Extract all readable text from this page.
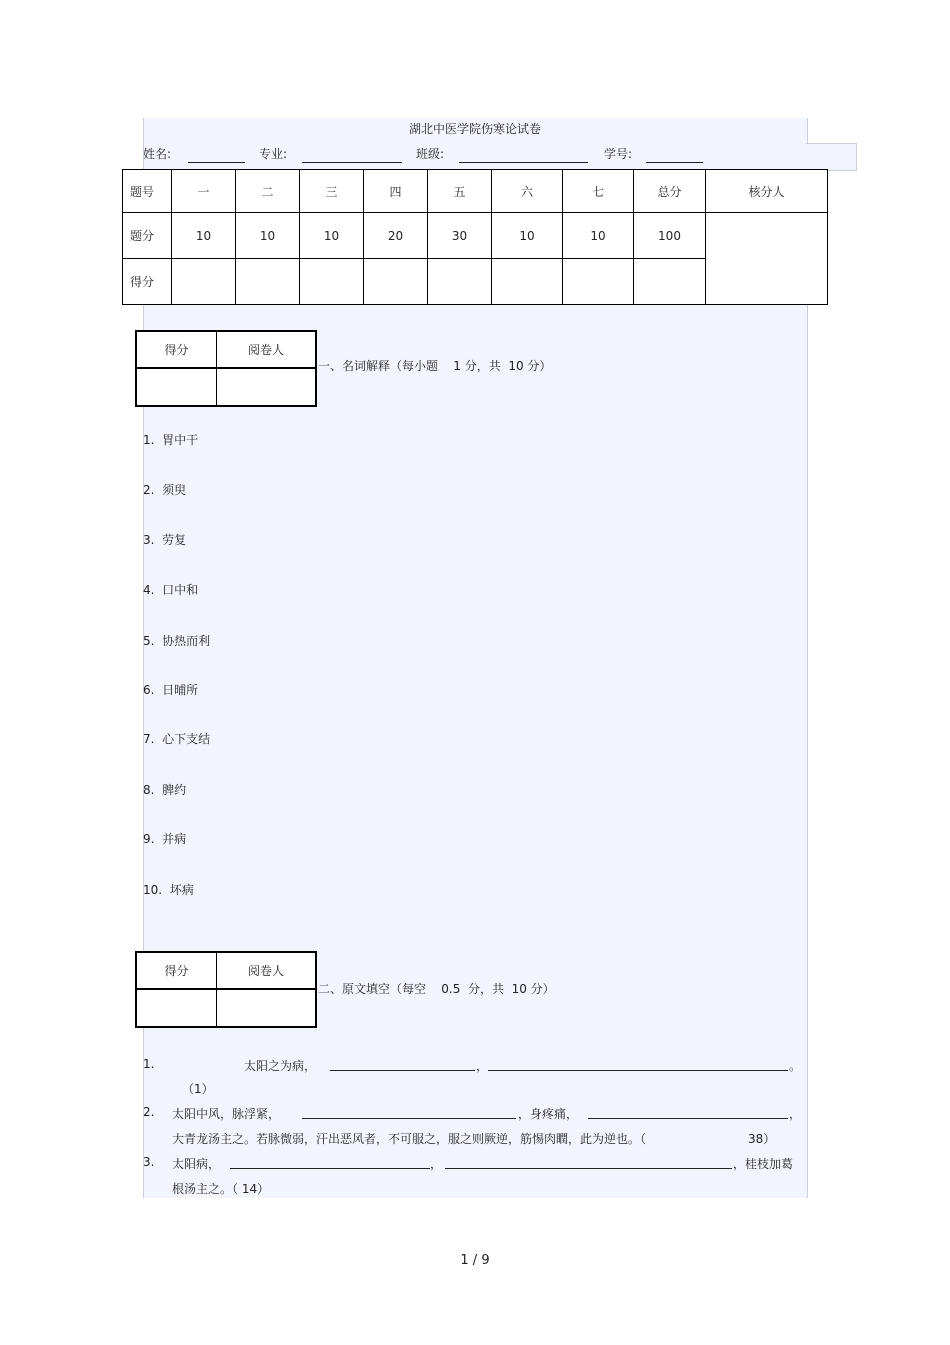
湖北中医学院伤寒论试卷
姓名:	专业:	班级:	学号:
题号	一	二	三	四	五	六	七	总分	核分人
题分	10	10	10	20	30	10	10	100	
得分									
得分	阅卷人

一、名词解释（每小题    1 分，共  10 分）
1.  胃中干
2.  须臾
3.  劳复
4.  口中和
5.  协热而利
6.  日晡所
7.  心下支结
8.  脾约
9.  并病
10.  坏病
得分	阅卷人

二、原文填空（每空    0.5  分，共  10 分）
1.	太阳之为病，	，	。
（1）
2. 太阳中风，脉浮紧，	，身疼痛，	，
大青龙汤主之。若脉微弱，汗出恶风者，不可服之，服之则厥逆，筋惕肉瞤，此为逆也。（	38）
3. 太阳病，	，	，桂枝加葛
根汤主之。（ 14）
1 / 9
